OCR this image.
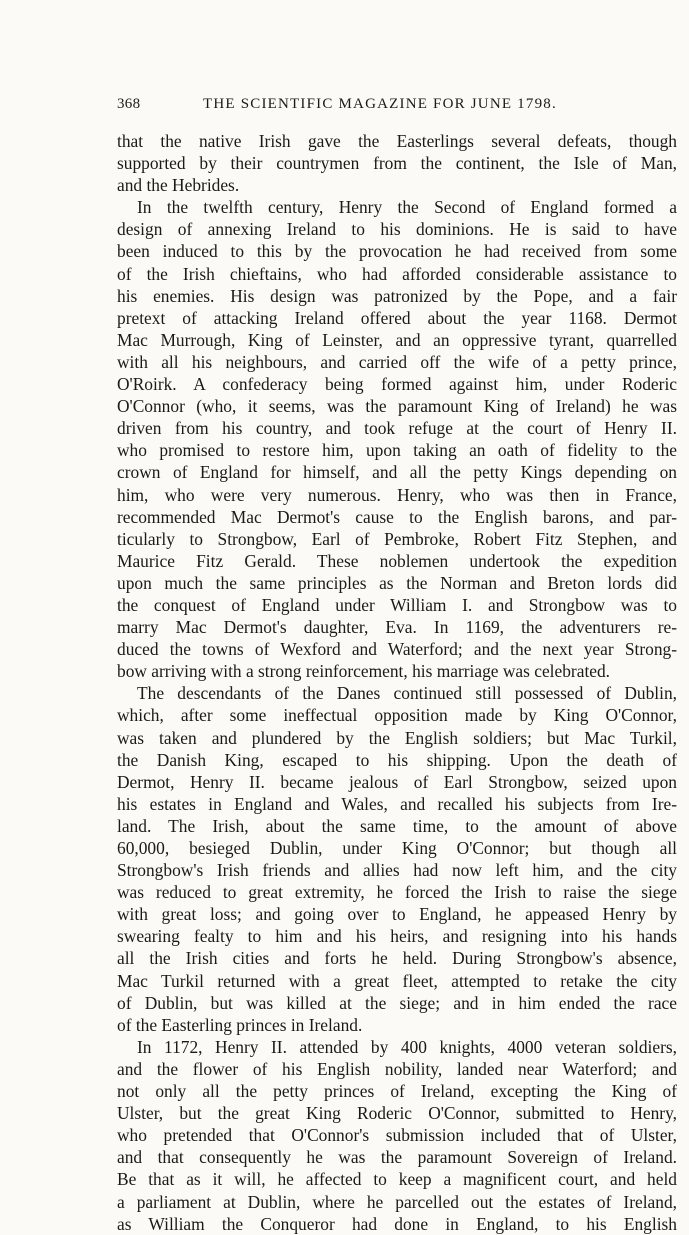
368	THE SCIENTIFIC MAGAZINE FOR JUNE 1798.
that the native Irish gave the Easterlings several defeats, though
supported by their countrymen from the continent, the Isle of Man,
and the Hebrides.
In the twelfth century, Henry the Second of England formed a
design of annexing Ireland to his dominions. He is said to have
been induced to this by the provocation he had received from some
of the Irish chieftains, who had afforded considerable assistance to
his enemies. His design was patronized by the Pope, and a fair
pretext of attacking Ireland offered about the year 1168. Dermot
Mac Murrough, King of Leinster, and an oppressive tyrant, quarrelled
with all his neighbours, and carried off the wife of a petty prince,
O'Roirk. A confederacy being formed against him, under Roderic
O'Connor (who, it seems, was the paramount King of Ireland) he was
driven from his country, and took refuge at the court of Henry II.
who promised to restore him, upon taking an oath of fidelity to the
crown of England for himself, and all the petty Kings depending on
him, who were very numerous. Henry, who was then in France,
recommended Mac Dermot's cause to the English barons, and par-
ticularly to Strongbow, Earl of Pembroke, Robert Fitz Stephen, and
Maurice Fitz Gerald. These noblemen undertook the expedition
upon much the same principles as the Norman and Breton lords did
the conquest of England under William I. and Strongbow was to
marry Mac Dermot's daughter, Eva. In 1169, the adventurers re-
duced the towns of Wexford and Waterford; and the next year Strong-
bow arriving with a strong reinforcement, his marriage was celebrated.
The descendants of the Danes continued still possessed of Dublin,
which, after some ineffectual opposition made by King O'Connor,
was taken and plundered by the English soldiers; but Mac Turkil,
the Danish King, escaped to his shipping. Upon the death of
Dermot, Henry II. became jealous of Earl Strongbow, seized upon
his estates in England and Wales, and recalled his subjects from Ire-
land. The Irish, about the same time, to the amount of above
60,000, besieged Dublin, under King O'Connor; but though all
Strongbow's Irish friends and allies had now left him, and the city
was reduced to great extremity, he forced the Irish to raise the siege
with great loss; and going over to England, he appeased Henry by
swearing fealty to him and his heirs, and resigning into his hands
all the Irish cities and forts he held. During Strongbow's absence,
Mac Turkil returned with a great fleet, attempted to retake the city
of Dublin, but was killed at the siege; and in him ended the race
of the Easterling princes in Ireland.
In 1172, Henry II. attended by 400 knights, 4000 veteran soldiers,
and the flower of his English nobility, landed near Waterford; and
not only all the petty princes of Ireland, excepting the King of
Ulster, but the great King Roderic O'Connor, submitted to Henry,
who pretended that O'Connor's submission included that of Ulster,
and that consequently he was the paramount Sovereign of Ireland.
Be that as it will, he affected to keep a magnificent court, and held
a parliament at Dublin, where he parcelled out the estates of Ireland,
as William the Conqueror had done in England, to his English
